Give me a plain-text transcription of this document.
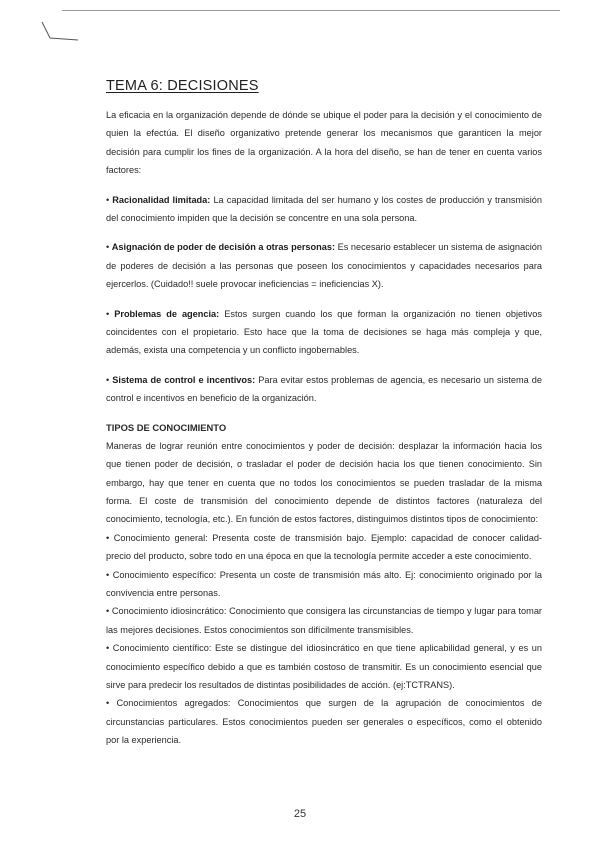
TEMA 6: DECISIONES

La eficacia en la organización depende de dónde se ubique el poder para la decisión y el conocimiento de quien la efectúa. El diseño organizativo pretende generar los mecanismos que garanticen la mejor decisión para cumplir los fines de la organización. A la hora del diseño, se han de tener en cuenta varios factores:

• Racionalidad limitada: La capacidad limitada del ser humano y los costes de producción y transmisión del conocimiento impiden que la decisión se concentre en una sola persona.

• Asignación de poder de decisión a otras personas: Es necesario establecer un sistema de asignación de poderes de decisión a las personas que poseen los conocimientos y capacidades necesarios para ejercerlos. (Cuidado!! suele provocar ineficiencias = ineficiencias X).

• Problemas de agencia: Estos surgen cuando los que forman la organización no tienen objetivos coincidentes con el propietario. Esto hace que la toma de decisiones se haga más compleja y que, además, exista una competencia y un conflicto ingobernables.

• Sistema de control e incentivos: Para evitar estos problemas de agencia, es necesario un sistema de control e incentivos en beneficio de la organización.

TIPOS DE CONOCIMIENTO

Maneras de lograr reunión entre conocimientos y poder de decisión: desplazar la información hacia los que tienen poder de decisión, o trasladar el poder de decisión hacia los que tienen conocimiento. Sin embargo, hay que tener en cuenta que no todos los conocimientos se pueden trasladar de la misma forma. El coste de transmisión del conocimiento depende de distintos factores (naturaleza del conocimiento, tecnología, etc.). En función de estos factores, distinguimos distintos tipos de conocimiento:

• Conocimiento general: Presenta coste de transmisión bajo. Ejemplo: capacidad de conocer calidad-precio del producto, sobre todo en una época en que la tecnología permite acceder a este conocimiento.

• Conocimiento específico: Presenta un coste de transmisión más alto. Ej: conocimiento originado por la convivencia entre personas.

• Conocimiento idiosincrático: Conocimiento que consigera las circunstancias de tiempo y lugar para tomar las mejores decisiones. Estos conocimientos son difícilmente transmisibles.

• Conocimiento científico: Este se distingue del idiosincrático en que tiene aplicabilidad general, y es un conocimiento específico debido a que es también costoso de transmitir. Es un conocimiento esencial que sirve para predecir los resultados de distintas posibilidades de acción. (ej:TCTRANS).

• Conocimientos agregados: Conocimientos que surgen de la agrupación de conocimientos de circunstancias particulares. Estos conocimientos pueden ser generales o específicos, como el obtenido por la experiencia.

25
